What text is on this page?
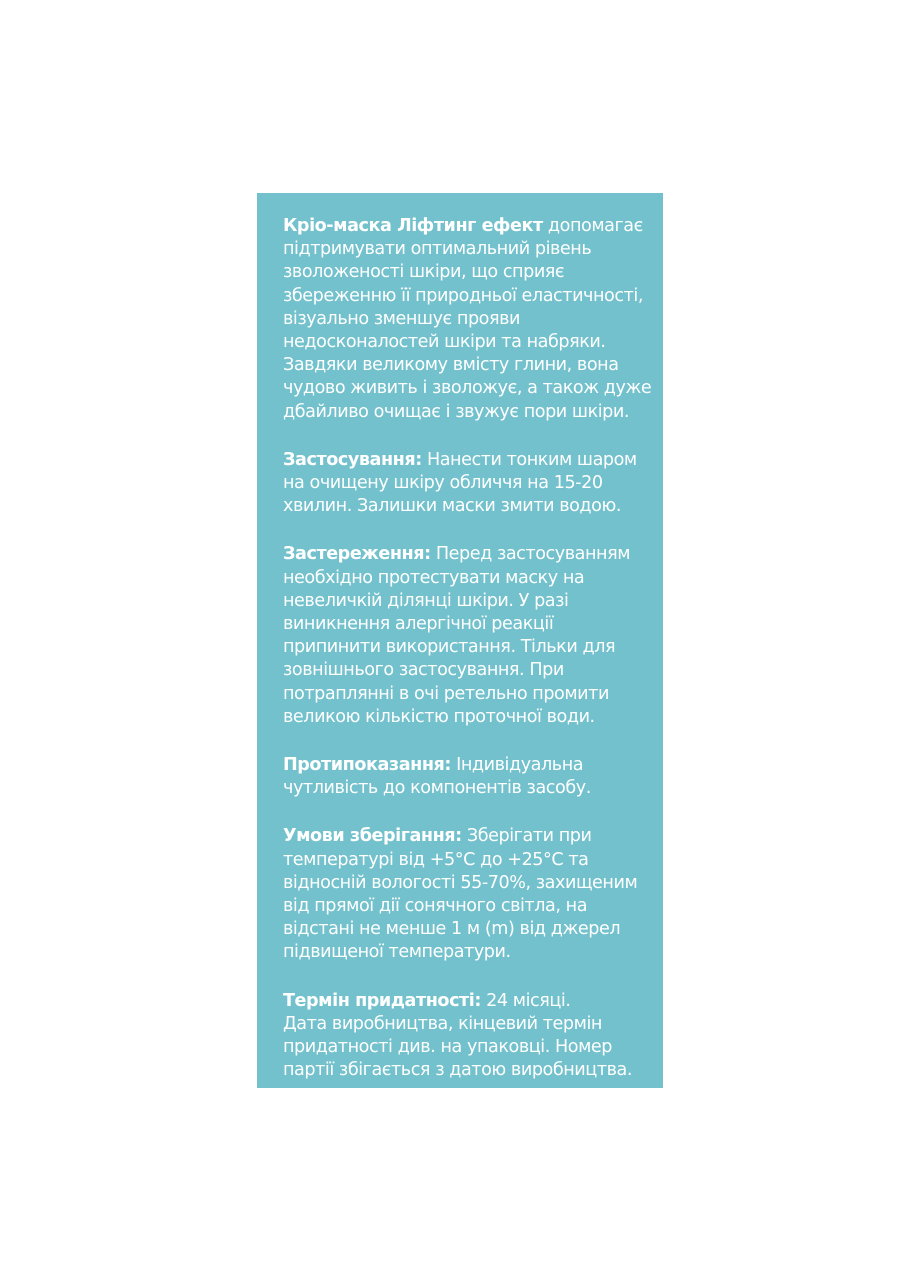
Кріо-маска Ліфтинг ефект допомагає
підтримувати оптимальний рівень
зволоженості шкіри, що сприяє
збереженню її природньої еластичності,
візуально зменшує прояви
недосконалостей шкіри та набряки.
Завдяки великому вмісту глини, вона
чудово живить і зволожує, а також дуже
дбайливо очищає і звужує пори шкіри.
Застосування: Нанести тонким шаром
на очищену шкіру обличчя на 15-20
хвилин. Залишки маски змити водою.
Застереження: Перед застосуванням
необхідно протестувати маску на
невеличкій ділянці шкіри. У разі
виникнення алергічної реакції
припинити використання. Тільки для
зовнішнього застосування. При
потраплянні в очі ретельно промити
великою кількістю проточної води.
Протипоказання: Індивідуальна
чутливість до компонентів засобу.
Умови зберігання: Зберігати при
температурі від +5°С до +25°С та
відносній вологості 55-70%, захищеним
від прямої дії сонячного світла, на
відстані не менше 1 м (m) від джерел
підвищеної температури.
Термін придатності: 24 місяці.
Дата виробництва, кінцевий термін
придатності див. на упаковці. Номер
партії збігається з датою виробництва.
